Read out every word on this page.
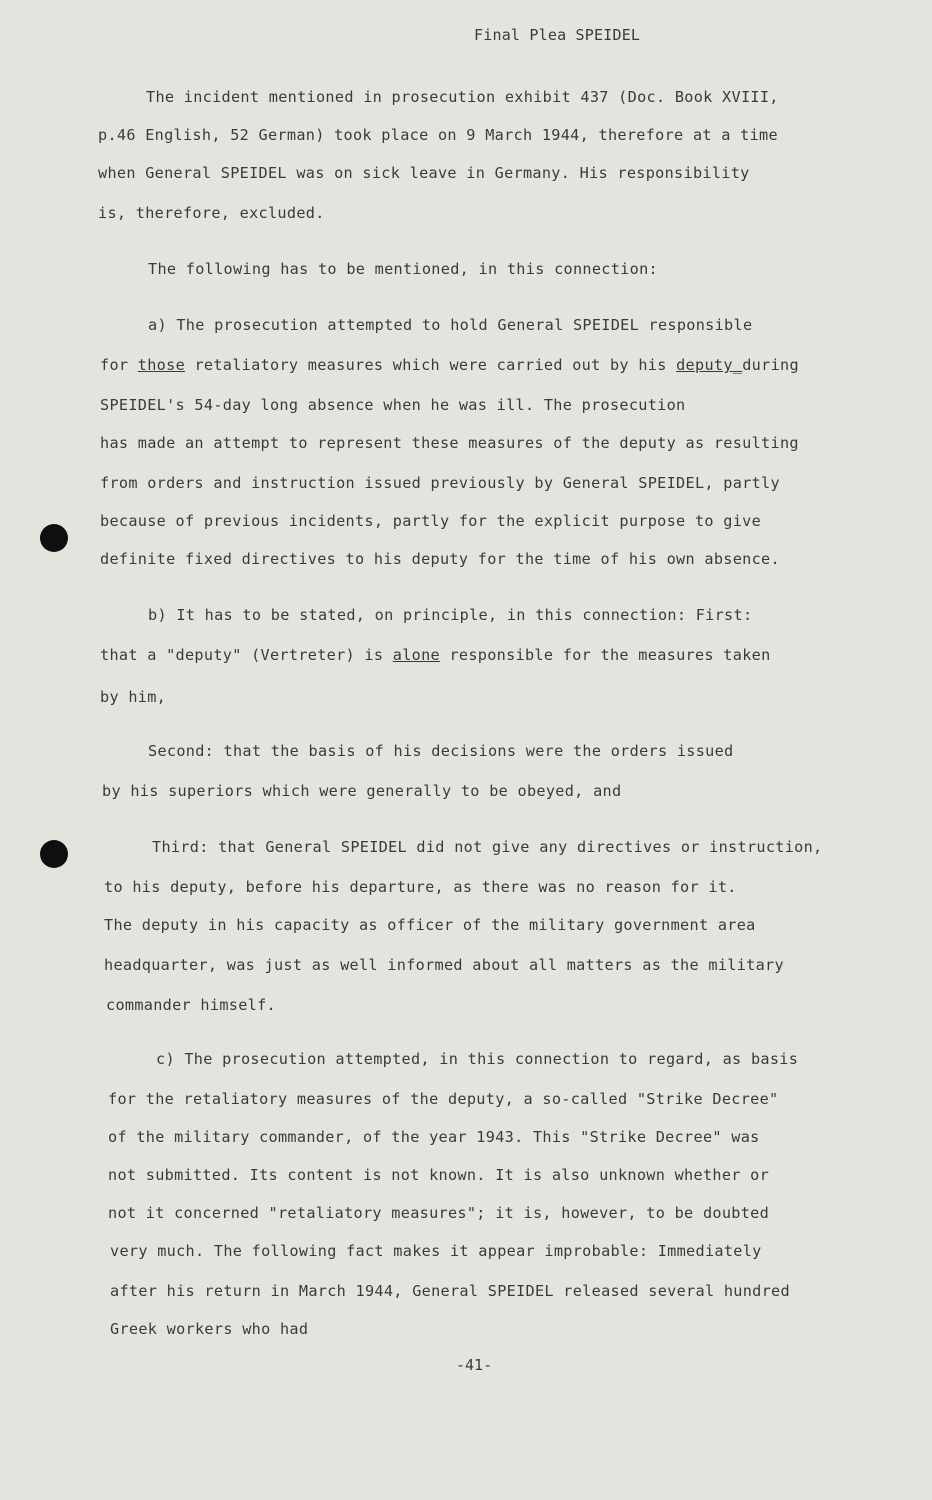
Final Plea SPEIDEL
The incident mentioned in prosecution exhibit 437 (Doc. Book XVIII,
p.46 English, 52 German) took place on 9 March 1944, therefore at a time
when General SPEIDEL was on sick leave in Germany. His responsibility
is, therefore, excluded.
The following has to be mentioned, in this connection:
a) The prosecution attempted to hold General SPEIDEL responsible
for those retaliatory measures which were carried out by his deputy_during
SPEIDEL's 54-day long absence when he was ill. The prosecution
has made an attempt to represent these measures of the deputy as resulting
from orders and instruction issued previously by General SPEIDEL, partly
because of previous incidents, partly for the explicit purpose to give
definite fixed directives to his deputy for the time of his own absence.
b) It has to be stated, on principle, in this connection: First:
that a "deputy" (Vertreter) is alone responsible for the measures taken
by him,
Second: that the basis of his decisions were the orders issued
by his superiors which were generally to be obeyed, and
Third: that General SPEIDEL did not give any directives or instruction,
to his deputy, before his departure, as there was no reason for it.
The deputy in his capacity as officer of the military government area
headquarter, was just as well informed about all matters as the military
commander himself.
c) The prosecution attempted, in this connection to regard, as basis
for the retaliatory measures of the deputy, a so-called "Strike Decree"
of the military commander, of the year 1943. This "Strike Decree" was
not submitted. Its content is not known. It is also unknown whether or
not it concerned "retaliatory measures"; it is, however, to be doubted
very much. The following fact makes it appear improbable: Immediately
after his return in March 1944, General SPEIDEL released several hundred
Greek workers who had
-41-
